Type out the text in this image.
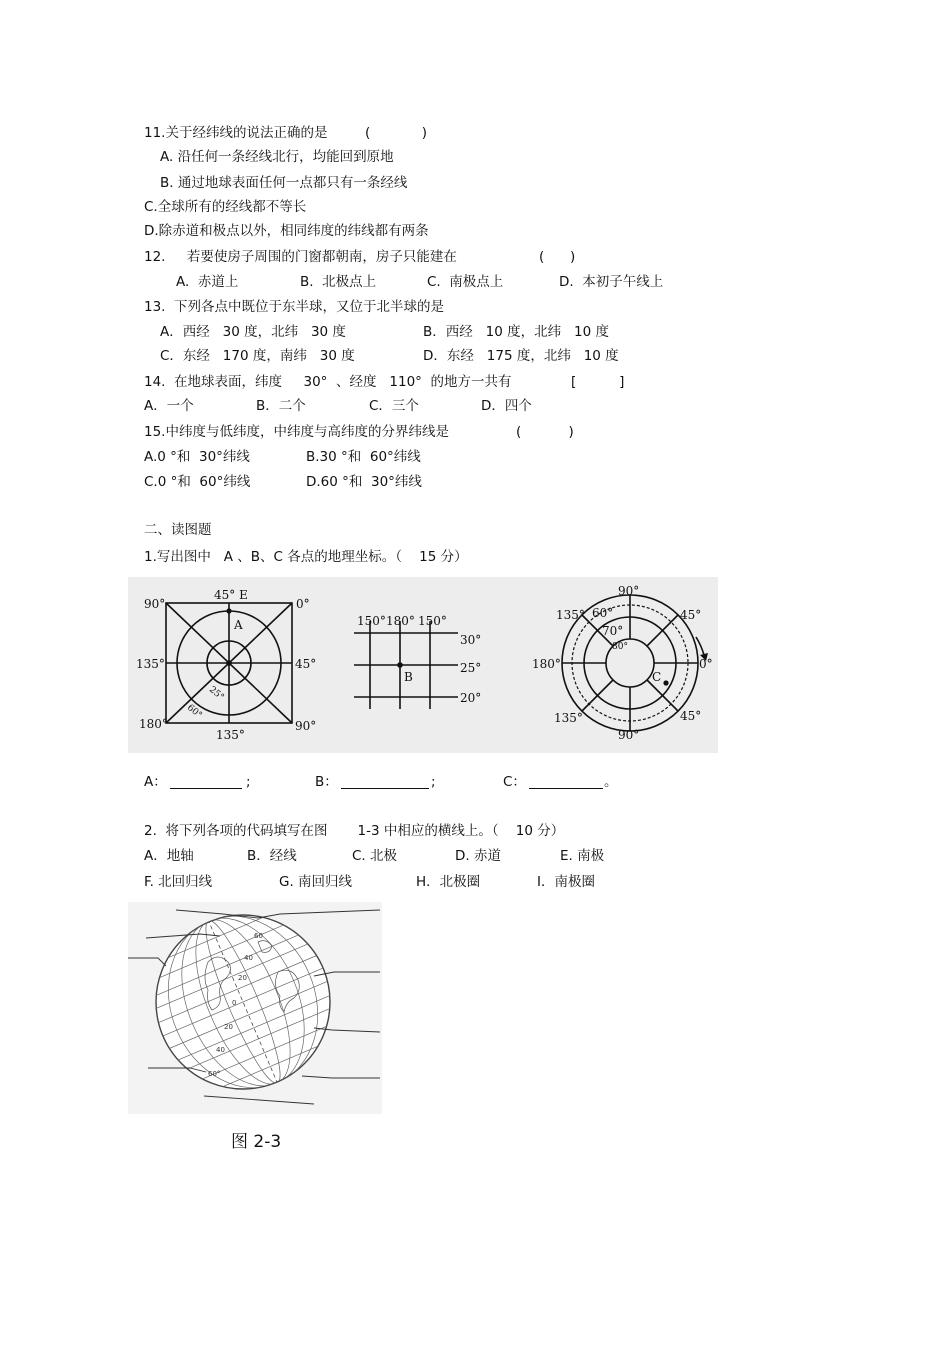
11.关于经纬线的说法正确的是	(            )
A. 沿任何一条经线北行，均能回到原地
B. 通过地球表面任何一点都只有一条经线
C.全球所有的经线都不等长
D.除赤道和极点以外，相同纬度的纬线都有两条
12.     若要使房子周围的门窗都朝南，房子只能建在	(      )
A.  赤道上	B.  北极点上	C.  南极点上	D.  本初子午线上
13.  下列各点中既位于东半球，又位于北半球的是
A．西经   30 度，北纬   30 度	B．西经   10 度，北纬   10 度
C．东经   170 度，南纬   30 度	D．东经   175 度，北纬   10 度
14.  在地球表面，纬度     30°  、经度   110°  的地方一共有	[          ]
A．一个	B．二个	C．三个	D．四个
15.中纬度与低纬度，中纬度与高纬度的分界纬线是	(           )
A.0 °和  30°纬线	B.30 °和  60°纬线
C.0 °和  60°纬线	D.60 °和  30°纬线
二、读图题
1.写出图中   A 、B、C 各点的地理坐标。（    15 分）
45° E
90°	0°
135°	45°
180°	90°
135°
A
25°
60°
150° 180° 150°
30°
25°
20°
B
90°
135° 60°
70°
80°
45°
180°	0°
135°	45°
90°
C
A：	;	B：	;	C：	。
2.  将下列各项的代码填写在图       1-3 中相应的横线上。（    10 分）
A．地轴	B．经线	C. 北极	D. 赤道	E. 南极
F. 北回归线	G. 南回归线	H．北极圈	I．南极圈
60
40
20
0
20
40
60°
图 2-3
